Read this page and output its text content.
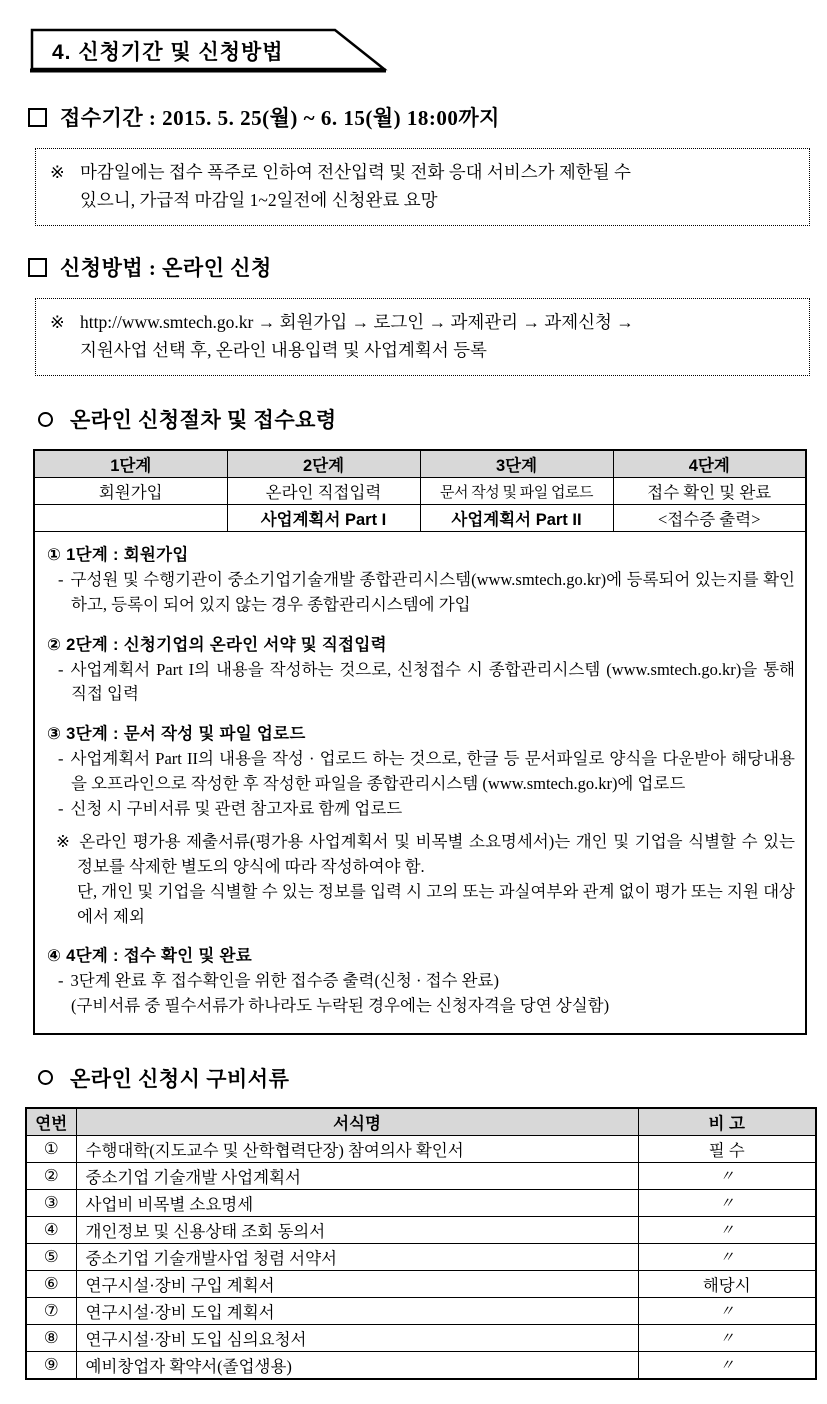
4. 신청기간 및 신청방법
접수기간 : 2015. 5. 25(월) ~ 6. 15(월) 18:00까지
※ 마감일에는 접수 폭주로 인하여 전산입력 및 전화 응대 서비스가 제한될 수
있으니, 가급적 마감일 1~2일전에 신청완료 요망
신청방법 : 온라인 신청
※ http://www.smtech.go.kr → 회원가입 → 로그인 → 과제관리 → 과제신청 →
지원사업 선택 후, 온라인 내용입력 및 사업계획서 등록
온라인 신청절차 및 접수요령
1단계	2단계	3단계	4단계
회원가입	온라인 직접입력	문서 작성 및 파일 업로드	접수 확인 및 완료
	사업계획서 Part I	사업계획서 Part II	<접수증 출력>

① 1단계 : 회원가입
- 구성원 및 수행기관이 중소기업기술개발 종합관리시스템(www.smtech.go.kr)에 등록되어 있는지를 확인하고, 등록이 되어 있지 않는 경우 종합관리시스템에 가입
② 2단계 : 신청기업의 온라인 서약 및 직접입력
- 사업계획서 Part I의 내용을 작성하는 것으로, 신청접수 시 종합관리시스템 (www.smtech.go.kr)을 통해 직접 입력
③ 3단계 : 문서 작성 및 파일 업로드
- 사업계획서 Part II의 내용을 작성 · 업로드 하는 것으로, 한글 등 문서파일로 양식을 다운받아 해당내용을 오프라인으로 작성한 후 작성한 파일을 종합관리시스템 (www.smtech.go.kr)에 업로드
- 신청 시 구비서류 및 관련 참고자료 함께 업로드
※ 온라인 평가용 제출서류(평가용 사업계획서 및 비목별 소요명세서)는 개인 및 기업을 식별할 수 있는 정보를 삭제한 별도의 양식에 따라 작성하여야 함.
단, 개인 및 기업을 식별할 수 있는 정보를 입력 시 고의 또는 과실여부와 관계 없이 평가 또는 지원 대상에서 제외
④ 4단계 : 접수 확인 및 완료
- 3단계 완료 후 접수확인을 위한 접수증 출력(신청 · 접수 완료)
(구비서류 중 필수서류가 하나라도 누락된 경우에는 신청자격을 당연 상실함)
온라인 신청시 구비서류
연번	서식명	비 고
①	수행대학(지도교수 및 산학협력단장) 참여의사 확인서	필 수
②	중소기업 기술개발 사업계획서	〃
③	사업비 비목별 소요명세	〃
④	개인정보 및 신용상태 조회 동의서	〃
⑤	중소기업 기술개발사업 청렴 서약서	〃
⑥	연구시설·장비 구입 계획서	해당시
⑦	연구시설·장비 도입 계획서	〃
⑧	연구시설·장비 도입 심의요청서	〃
⑨	예비창업자 확약서(졸업생용)	〃
